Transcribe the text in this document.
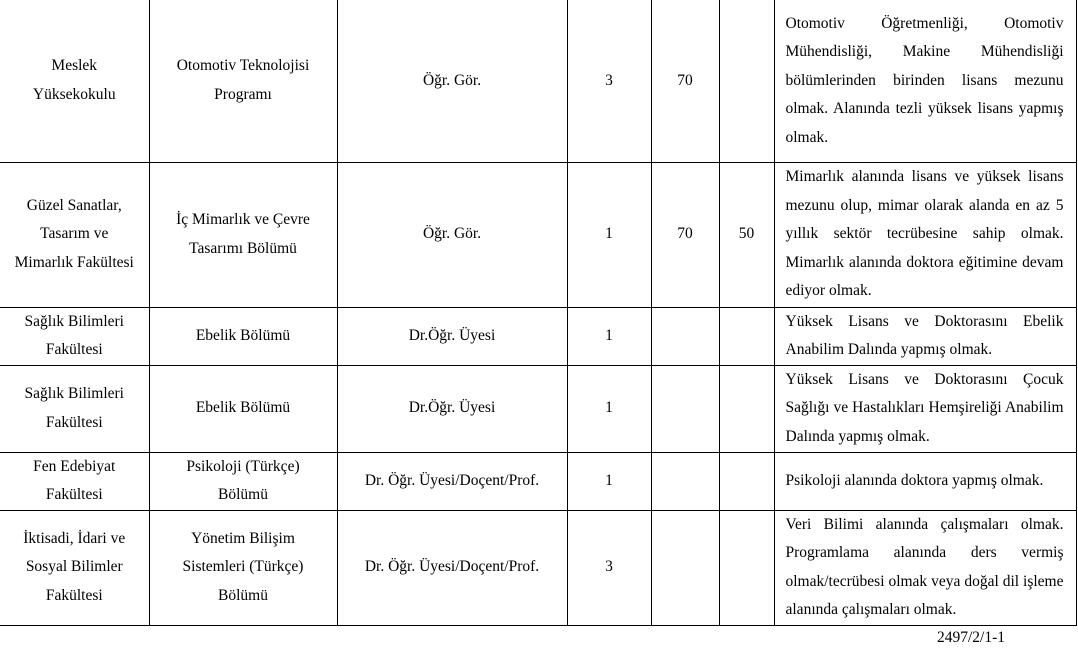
Meslek Yüksekokulu	Otomotiv Teknolojisi Programı	Öğr. Gör.	3	70		Otomotiv Öğretmenliği, Otomotiv Mühendisliği, Makine Mühendisliği bölümlerinden birinden lisans mezunu olmak. Alanında tezli yüksek lisans yapmış olmak.
Güzel Sanatlar, Tasarım ve Mimarlık Fakültesi	İç Mimarlık ve Çevre Tasarımı Bölümü	Öğr. Gör.	1	70	50	Mimarlık alanında lisans ve yüksek lisans mezunu olup, mimar olarak alanda en az 5 yıllık sektör tecrübesine sahip olmak. Mimarlık alanında doktora eğitimine devam ediyor olmak.
Sağlık Bilimleri Fakültesi	Ebelik Bölümü	Dr.Öğr. Üyesi	1			Yüksek Lisans ve Doktorasını Ebelik Anabilim Dalında yapmış olmak.
Sağlık Bilimleri Fakültesi	Ebelik Bölümü	Dr.Öğr. Üyesi	1			Yüksek Lisans ve Doktorasını Çocuk Sağlığı ve Hastalıkları Hemşireliği Anabilim Dalında yapmış olmak.
Fen Edebiyat Fakültesi	Psikoloji (Türkçe) Bölümü	Dr. Öğr. Üyesi/Doçent/Prof.	1			Psikoloji alanında doktora yapmış olmak.
İktisadi, İdari ve Sosyal Bilimler Fakültesi	Yönetim Bilişim Sistemleri (Türkçe) Bölümü	Dr. Öğr. Üyesi/Doçent/Prof.	3			Veri Bilimi alanında çalışmaları olmak. Programlama alanında ders vermiş olmak/tecrübesi olmak veya doğal dil işleme alanında çalışmaları olmak.
2497/2/1-1
